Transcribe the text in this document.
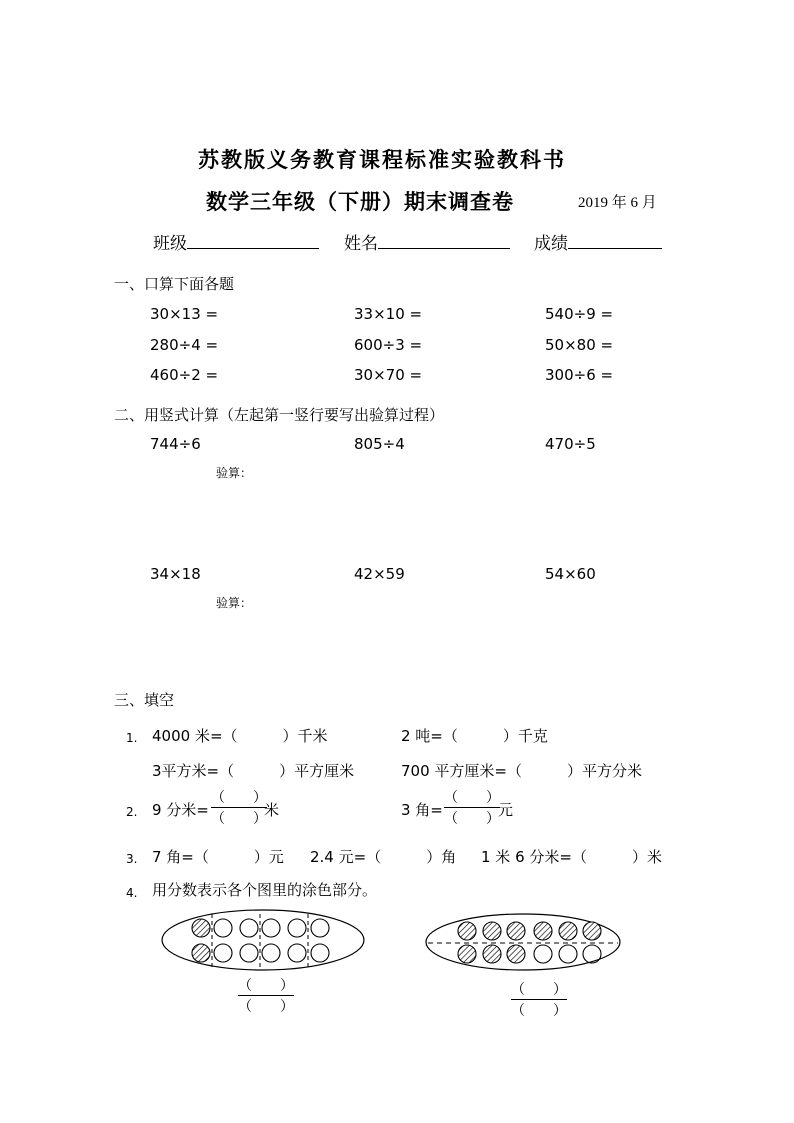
苏教版义务教育课程标准实验教科书
数学三年级（下册）期末调查卷	2019 年 6 月
班级	姓名	成绩
一、口算下面各题
30×13 =	33×10 =	540÷9 =
280÷4 =	600÷3 =	50×80 =
460÷2 =	30×70 =	300÷6 =
二、用竖式计算（左起第一竖行要写出验算过程）
744÷6	805÷4	470÷5
验算：
34×18	42×59	54×60
验算：
三、填空
1. 4000 米=（　　　）千米	2 吨=（　　　）千克
3平方米=（　　　）平方厘米	700 平方厘米=（　　　）平方分米
2. 9 分米=
（　　）
（　　）
米	3 角=
（　　）
（　　）
元
3. 7 角=（　　　）元 2.4 元=（　　　）角 1 米 6 分米=（　　　）米
4. 用分数表示各个图里的涂色部分。
（　　）
（　　）
（　　）
（　　）
